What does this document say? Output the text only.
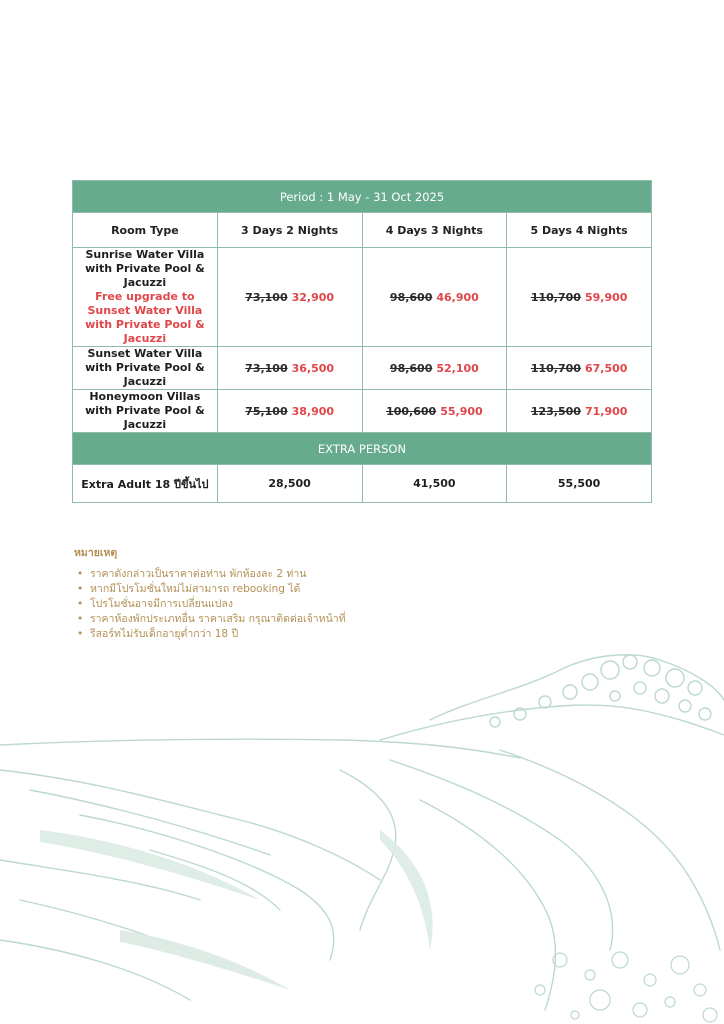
Period : 1 May - 31 Oct 2025			
Room Type	3 Days 2 Nights	4 Days 3 Nights	5 Days 4 Nights
Sunrise Water Villa with Private Pool & Jacuzzi
Free upgrade to Sunset Water Villa with Private Pool & Jacuzzi	73,100 32,900	98,600 46,900	110,700 59,900
Sunset Water Villa with Private Pool & Jacuzzi	73,100 36,500	98,600 52,100	110,700 67,500
Honeymoon Villas with Private Pool & Jacuzzi	75,100 38,900	100,600 55,900	123,500 71,900
EXTRA PERSON			
Extra Adult 18 ปีขึ้นไป	28,500	41,500	55,500
หมายเหตุ
• ราคาดังกล่าวเป็นราคาต่อท่าน พักห้องละ 2 ท่าน
• หากมีโปรโมชั่นใหม่ไม่สามารถ rebooking ได้
• โปรโมชั่นอาจมีการเปลี่ยนแปลง
• ราคาห้องพักประเภทอื่น ราคาเสริม กรุณาติดต่อเจ้าหน้าที่
• รีสอร์ทไม่รับเด็กอายุต่ำกว่า 18 ปี
